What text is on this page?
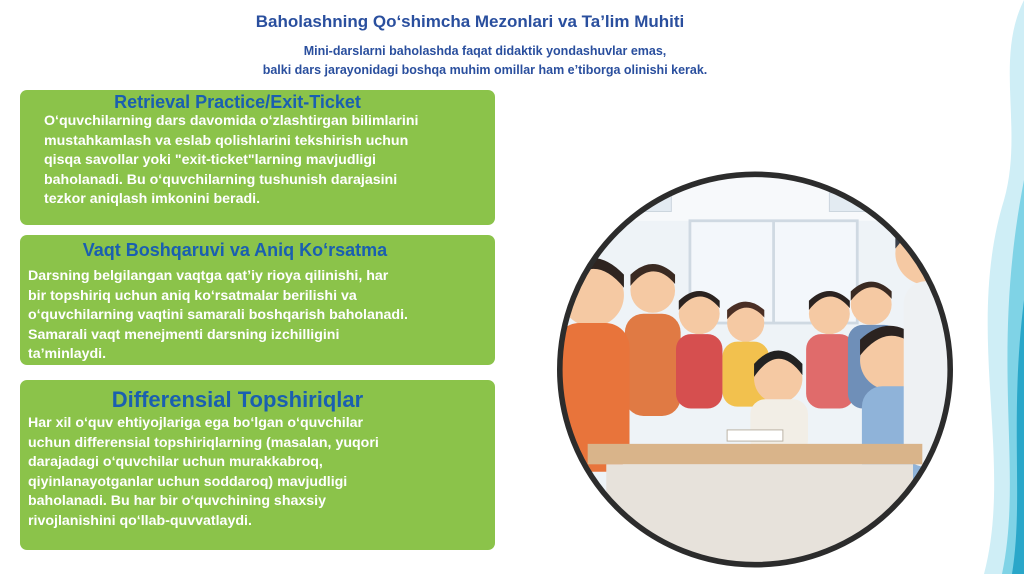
Baholashning Qo‘shimcha Mezonlari va Ta’lim Muhiti
Mini-darslarni baholashda faqat didaktik yondashuvlar emas,
balki dars jarayonidagi boshqa muhim omillar ham e’tiborga olinishi kerak.
Retrieval Practice/Exit-Ticket
O‘quvchilarning dars davomida o‘zlashtirgan bilimlarini
mustahkamlash va eslab qolishlarini tekshirish uchun
qisqa savollar yoki "exit-ticket"larning mavjudligi
baholanadi. Bu o‘quvchilarning tushunish darajasini
tezkor aniqlash imkonini beradi.
Vaqt Boshqaruvi va Aniq Ko‘rsatma
Darsning belgilangan vaqtga qat’iy rioya qilinishi, har
bir topshiriq uchun aniq ko‘rsatmalar berilishi va
o‘quvchilarning vaqtini samarali boshqarish baholanadi.
Samarali vaqt menejmenti darsning izchilligini
ta’minlaydi.
Differensial Topshiriqlar
Har xil o‘quv ehtiyojlariga ega bo‘lgan o‘quvchilar
uchun differensial topshiriqlarning (masalan, yuqori
darajadagi o‘quvchilar uchun murakkabroq,
qiyinlanayotganlar uchun soddaroq) mavjudligi
baholanadi. Bu har bir o‘quvchining shaxsiy
rivojlanishini qo‘llab-quvvatlaydi.
